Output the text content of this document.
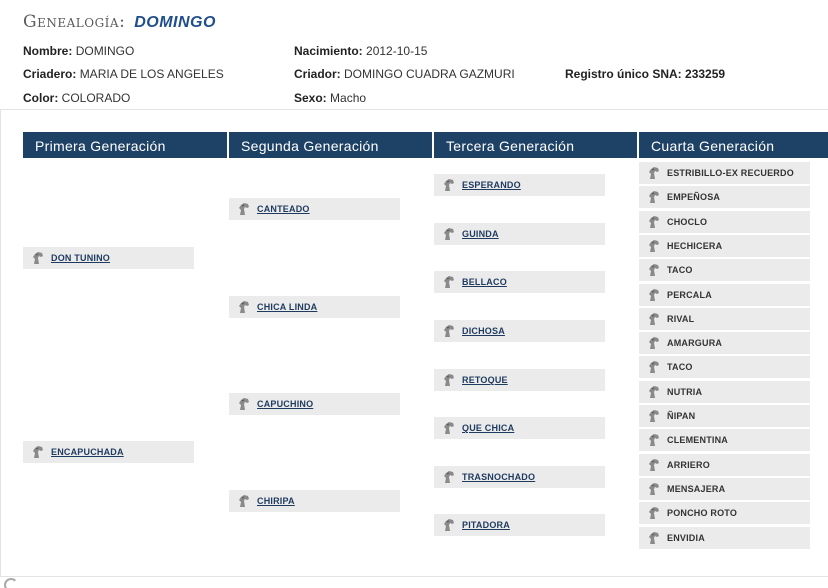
Genealogía: DOMINGO
Nombre: DOMINGO	Nacimiento: 2012-10-15
Criadero: MARIA DE LOS ANGELES	Criador: DOMINGO CUADRA GAZMURI	Registro único SNA: 233259
Color: COLORADO	Sexo: Macho
Primera Generación	Segunda Generación	Tercera Generación	Cuarta Generación
DON TUNINO
ENCAPUCHADA
CANTEADO
CHICA LINDA
CAPUCHINO
CHIRIPA
ESPERANDO
GUINDA
BELLACO
DICHOSA
RETOQUE
QUE CHICA
TRASNOCHADO
PITADORA
ESTRIBILLO-EX RECUERDO
EMPEÑOSA
CHOCLO
HECHICERA
TACO
PERCALA
RIVAL
AMARGURA
TACO
NUTRIA
ÑIPAN
CLEMENTINA
ARRIERO
MENSAJERA
PONCHO ROTO
ENVIDIA
